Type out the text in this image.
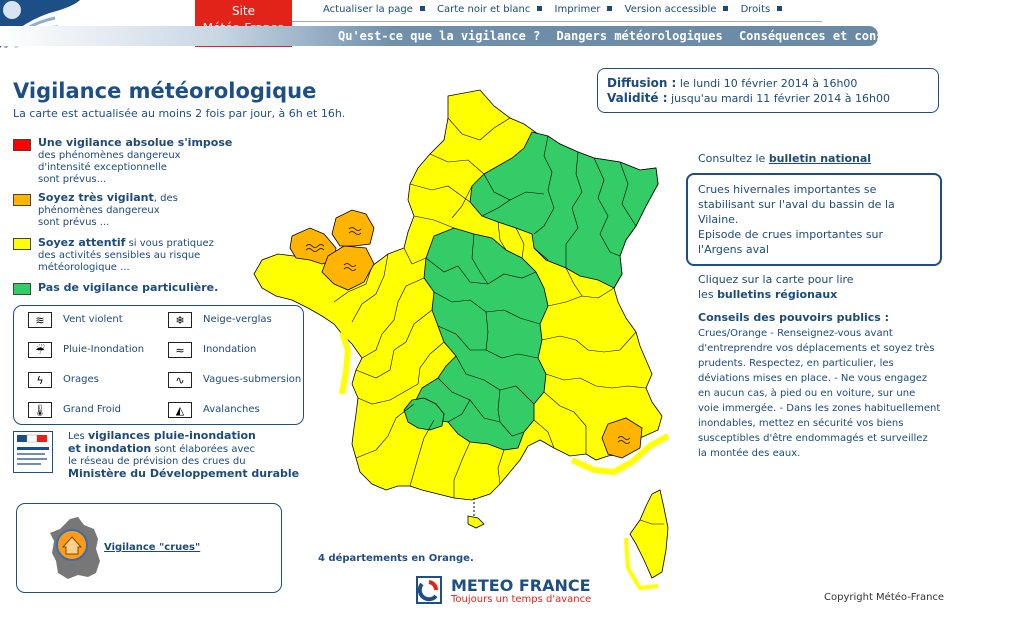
Site	Actualiser la page Carte noir et blanc Imprimer Version accessible Droits
Qu'est-ce que la vigilance ? Dangers météorologiques Conséquences et conseils
Vigilance météorologique
La carte est actualisée au moins 2 fois par jour, à 6h et 16h.
Une vigilance absolue s'impose
des phénomènes dangereux
d'intensité exceptionnelle
sont prévus...
Soyez très vigilant, des
phénomènes dangereux
sont prévus ...
Soyez attentif si vous pratiquez
des activités sensibles au risque
météorologique ...
Pas de vigilance particulière.
≋	Vent violent	❄	Neige-verglas
☔	Pluie-Inondation	≈	Inondation
ϟ	Orages	∿	Vagues-submersion
🌡	Grand Froid	◭	Avalanches
Les vigilances pluie-inondation
et inondation sont élaborées avec
le réseau de prévision des crues du
Ministère du Développement durable
Vigilance "crues"
Diffusion : le lundi 10 février 2014 à 16h00
Validité : jusqu'au mardi 11 février 2014 à 16h00
Consultez le bulletin national
Crues hivernales importantes se
stabilisant sur l'aval du bassin de la
Vilaine.
Episode de crues importantes sur
l'Argens aval
Cliquez sur la carte pour lire
les bulletins régionaux
Conseils des pouvoirs publics :
Crues/Orange - Renseignez-vous avant
d'entreprendre vos déplacements et soyez très
prudents. Respectez, en particulier, les
déviations mises en place. - Ne vous engagez
en aucun cas, à pied ou en voiture, sur une
voie immergée. - Dans les zones habituellement
inondables, mettez en sécurité vos biens
susceptibles d'être endommagés et surveillez
la montée des eaux.
4 départements en Orange.
METEO FRANCE
Toujours un temps d'avance	Copyright Météo-France
